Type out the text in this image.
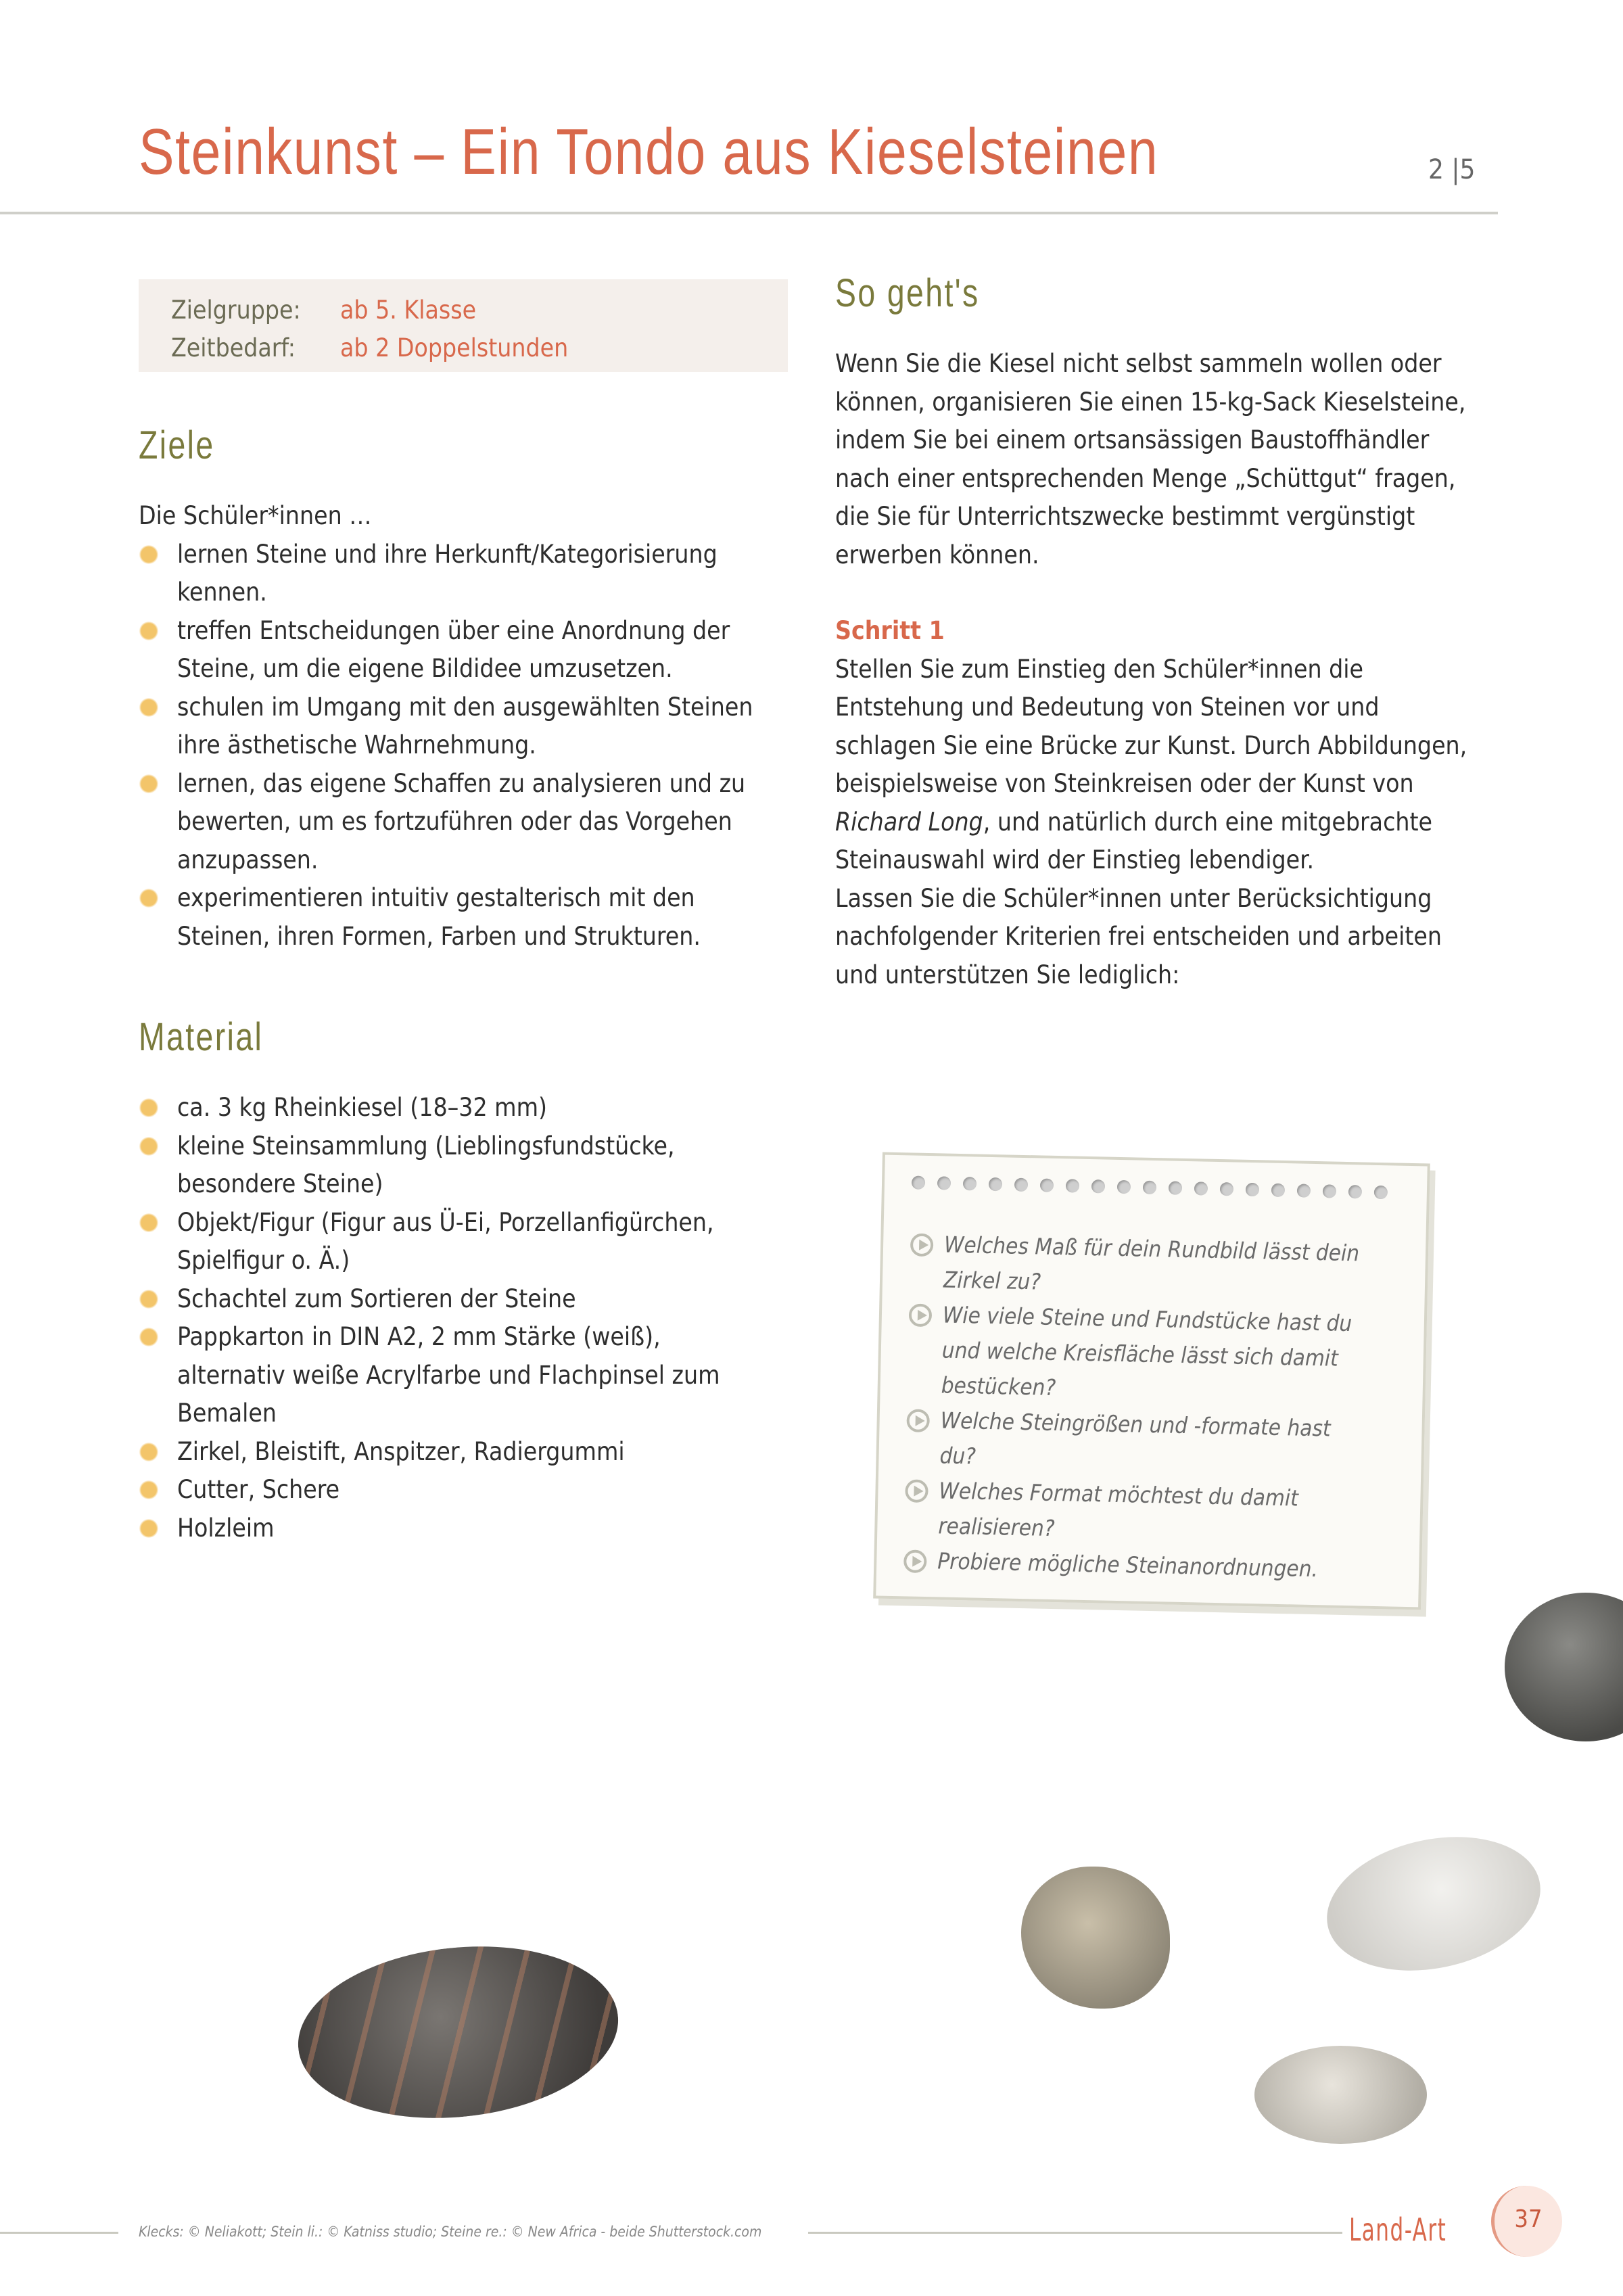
Steinkunst – Ein Tondo aus Kieselsteinen	2 |5
Zielgruppe: ab 5. Klasse
Zeitbedarf: ab 2 Doppelstunden
Ziele
Die Schüler*innen …
lernen Steine und ihre Herkunft/Kategorisierung kennen.
treffen Entscheidungen über eine Anordnung der Steine, um die eigene Bildidee umzusetzen.
schulen im Umgang mit den ausgewählten Steinen ihre ästhetische Wahrnehmung.
lernen, das eigene Schaffen zu analysieren und zu bewerten, um es fortzuführen oder das Vorgehen anzupassen.
experimentieren intuitiv gestalterisch mit den Steinen, ihren Formen, Farben und Strukturen.
Material
ca. 3 kg Rheinkiesel (18–32 mm)
kleine Steinsammlung (Lieblingsfundstücke, besondere Steine)
Objekt/Figur (Figur aus Ü-Ei, Porzellanfigürchen, Spielfigur o. Ä.)
Schachtel zum Sortieren der Steine
Pappkarton in DIN A2, 2 mm Stärke (weiß), alternativ weiße Acrylfarbe und Flachpinsel zum Bemalen
Zirkel, Bleistift, Anspitzer, Radiergummi
Cutter, Schere
Holzleim
So geht's

Wenn Sie die Kiesel nicht selbst sammeln wollen oder können, organisieren Sie einen 15-kg-Sack Kieselsteine, indem Sie bei einem ortsansässigen Baustoffhändler nach einer entsprechenden Menge „Schüttgut“ fragen, die Sie für Unterrichtszwecke bestimmt vergünstigt erwerben können.

Schritt 1

Stellen Sie zum Einstieg den Schüler*innen die Entstehung und Bedeutung von Steinen vor und schlagen Sie eine Brücke zur Kunst. Durch Abbildungen, beispielsweise von Steinkreisen oder der Kunst von Richard Long, und natürlich durch eine mitgebrachte Steinauswahl wird der Einstieg lebendiger.

Lassen Sie die Schüler*innen unter Berücksichtigung nachfolgender Kriterien frei entscheiden und arbeiten und unterstützen Sie lediglich:

Welches Maß für dein Rundbild lässt dein Zirkel zu?
Wie viele Steine und Fundstücke hast du und welche Kreisfläche lässt sich damit bestücken?
Welche Steingrößen und -formate hast du?
Welches Format möchtest du damit realisieren?
Probiere mögliche Steinanordnungen.
Klecks: © Neliakott; Stein li.: © Katniss studio; Steine re.: © New Africa - beide Shutterstock.com	Land-Art	37
